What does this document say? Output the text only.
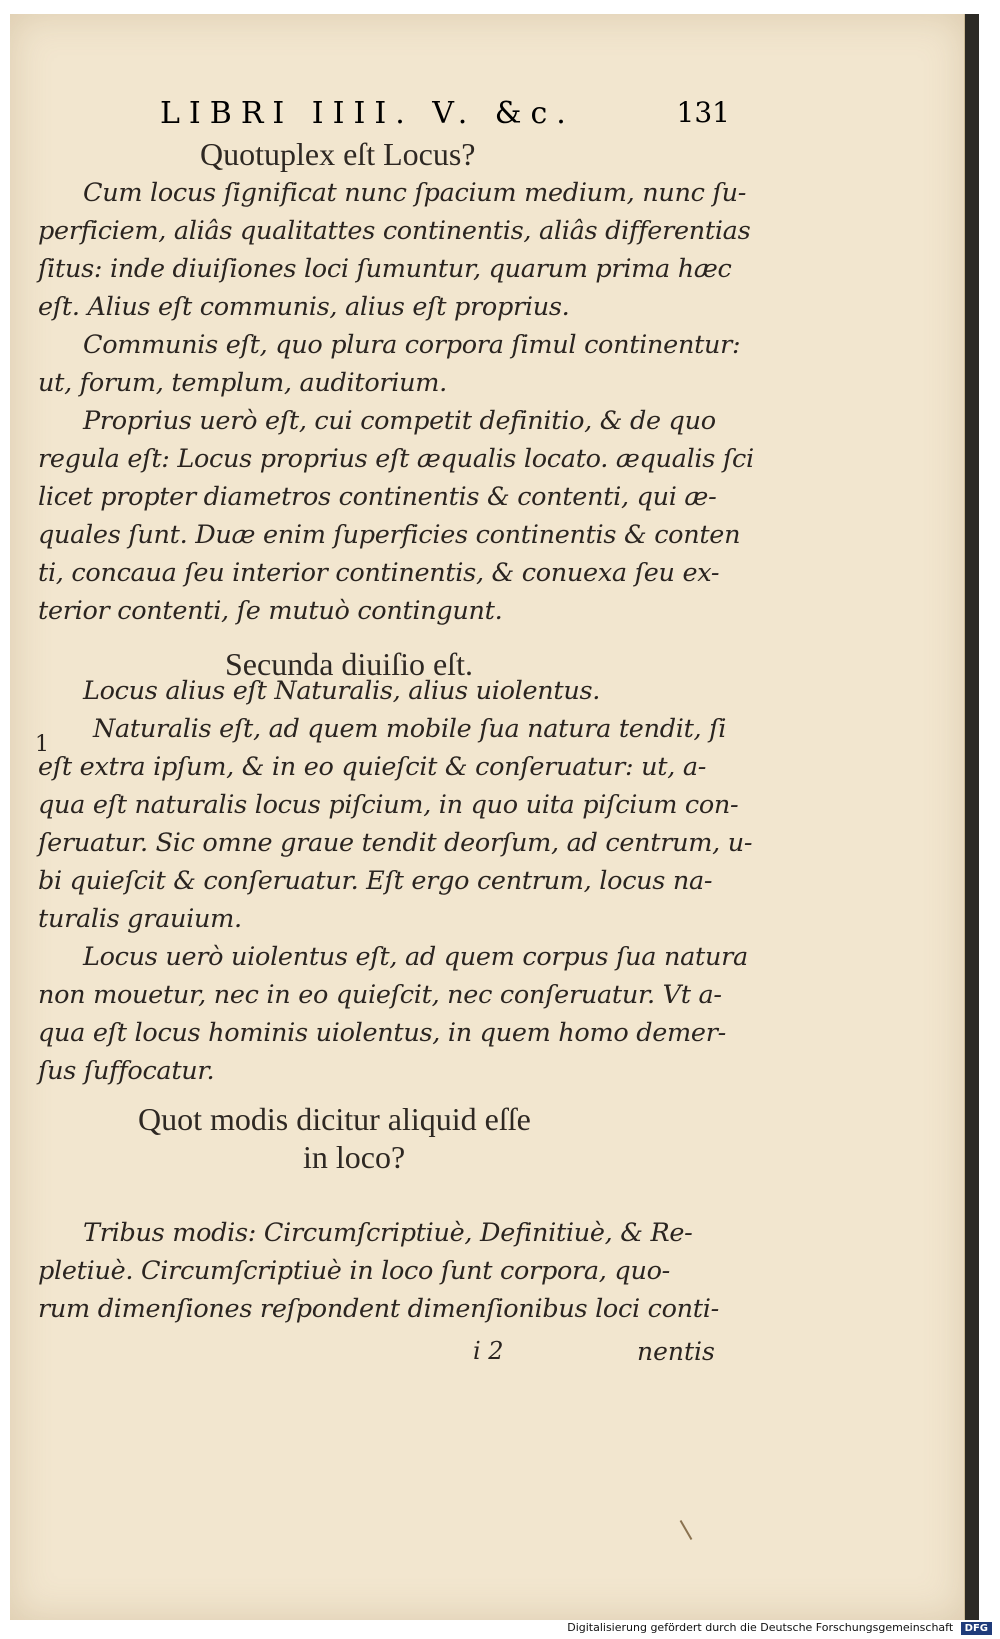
LIBRI IIII. V. &c.	131
Quotuplex eſt Locus?
Cum locus ſignificat nunc ſpacium medium, nunc ſu-
perficiem, aliâs qualitattes continentis, aliâs differentias
ſitus: inde diuiſiones loci ſumuntur, quarum prima hæc
eſt. Alius eſt communis, alius eſt proprius.
Communis eſt, quo plura corpora ſimul continentur:
ut, forum, templum, auditorium.
Proprius uerò eſt, cui competit definitio, & de quo
regula eſt: Locus proprius eſt æqualis locato. æqualis ſci
licet propter diametros continentis & contenti, qui æ-
quales ſunt. Duæ enim ſuperficies continentis & conten
ti, concaua ſeu interior continentis, & conuexa ſeu ex-
terior contenti, ſe mutuò contingunt.
Locus alius eſt Naturalis, alius uiolentus.
Naturalis eſt, ad quem mobile ſua natura tendit, ſi
eſt extra ipſum, & in eo quieſcit & conſeruatur: ut, a-
qua eſt naturalis locus piſcium, in quo uita piſcium con-
ſeruatur. Sic omne graue tendit deorſum, ad centrum, u-
bi quieſcit & conſeruatur. Eſt ergo centrum, locus na-
turalis grauium.
Locus uerò uiolentus eſt, ad quem corpus ſua natura
non mouetur, nec in eo quieſcit, nec conſeruatur. Vt a-
qua eſt locus hominis uiolentus, in quem homo demer-
ſus ſuffocatur.
Tribus modis: Circumſcriptiuè, Definitiuè, & Re-
pletiuè. Circumſcriptiuè in loco ſunt corpora, quo-
rum dimenſiones reſpondent dimenſionibus loci conti-
Secunda diuiſio eſt.
Quot modis dicitur aliquid eſſe
in loco?
1
i 2	nentis
Digitalisierung gefördert durch die Deutsche Forschungsgemeinschaft DFG
